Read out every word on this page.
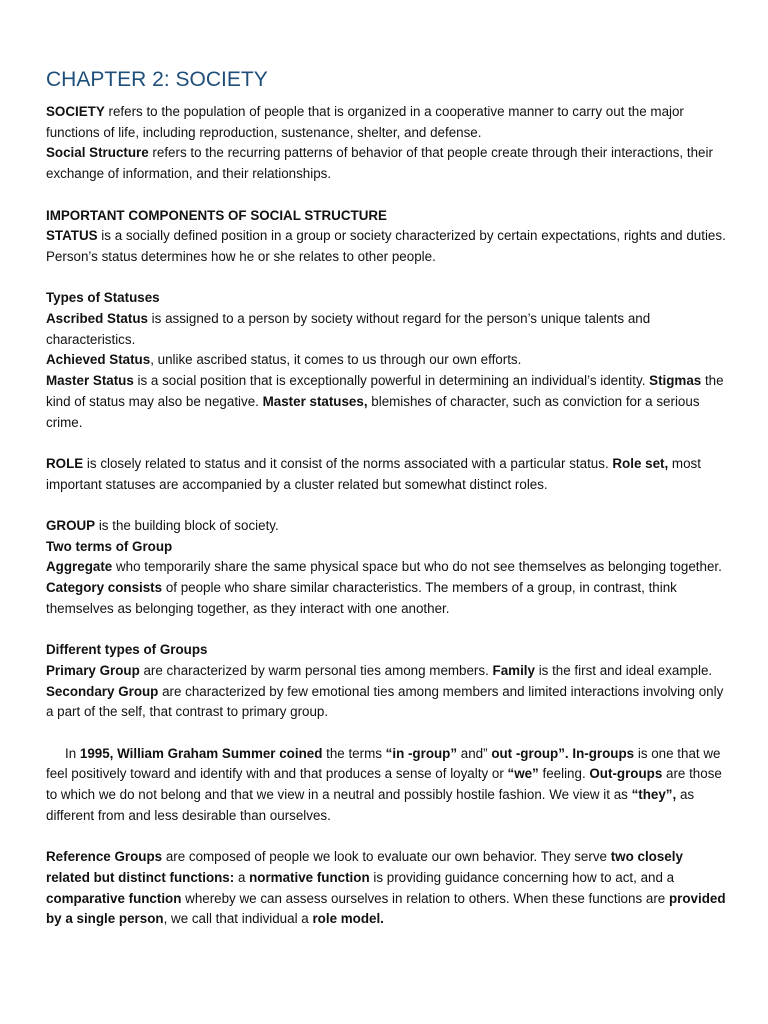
CHAPTER 2: SOCIETY

SOCIETY refers to the population of people that is organized in a cooperative manner to carry out the major functions of life, including reproduction, sustenance, shelter, and defense.

Social Structure refers to the recurring patterns of behavior of that people create through their interactions, their exchange of information, and their relationships.

IMPORTANT COMPONENTS OF SOCIAL STRUCTURE

STATUS is a socially defined position in a group or society characterized by certain expectations, rights and duties. Person’s status determines how he or she relates to other people.

Types of Statuses

Ascribed Status is assigned to a person by society without regard for the person’s unique talents and characteristics.

Achieved Status, unlike ascribed status, it comes to us through our own efforts.

Master Status is a social position that is exceptionally powerful in determining an individual’s identity. Stigmas the kind of status may also be negative. Master statuses, blemishes of character, such as conviction for a serious crime.

ROLE is closely related to status and it consist of the norms associated with a particular status. Role set, most important statuses are accompanied by a cluster related but somewhat distinct roles.

GROUP is the building block of society.

Two terms of Group

Aggregate who temporarily share the same physical space but who do not see themselves as belonging together.

Category consists of people who share similar characteristics. The members of a group, in contrast, think themselves as belonging together, as they interact with one another.

Different types of Groups

Primary Group are characterized by warm personal ties among members. Family is the first and ideal example.

Secondary Group are characterized by few emotional ties among members and limited interactions involving only a part of the self, that contrast to primary group.

In 1995, William Graham Summer coined the terms “in -group” and” out -group”. In-groups is one that we feel positively toward and identify with and that produces a sense of loyalty or “we” feeling. Out-groups are those to which we do not belong and that we view in a neutral and possibly hostile fashion. We view it as “they”, as different from and less desirable than ourselves.

Reference Groups are composed of people we look to evaluate our own behavior. They serve two closely related but distinct functions: a normative function is providing guidance concerning how to act, and a comparative function whereby we can assess ourselves in relation to others. When these functions are provided by a single person, we call that individual a role model.
